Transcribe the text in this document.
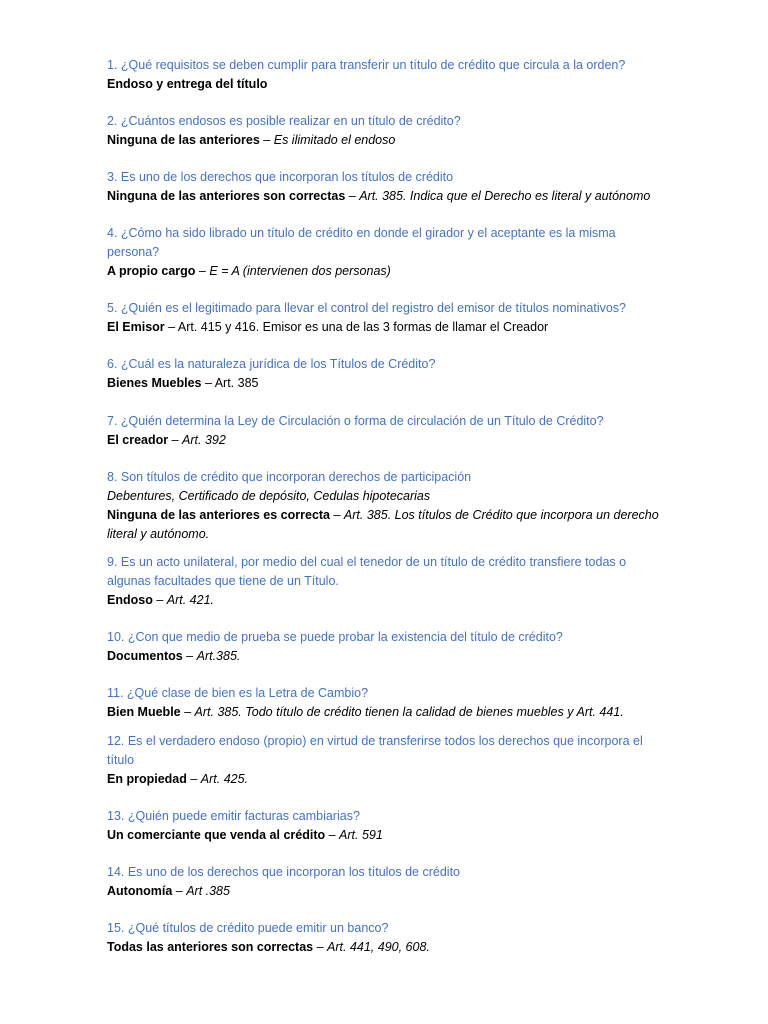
1. ¿Qué requisitos se deben cumplir para transferir un título de crédito que circula a la orden?

Endoso y entrega del título

2. ¿Cuántos endosos es posible realizar en un título de crédito?

Ninguna de las anteriores – Es ilimitado el endoso

3. Es uno de los derechos que incorporan los títulos de crédito

Ninguna de las anteriores son correctas – Art. 385. Indica que el Derecho es literal y autónomo

4. ¿Cómo ha sido librado un título de crédito en donde el girador y el aceptante es la misma persona?

A propio cargo – E = A (intervienen dos personas)

5. ¿Quién es el legitimado para llevar el control del registro del emisor de títulos nominativos?

El Emisor – Art. 415 y 416. Emisor es una de las 3 formas de llamar el Creador

6. ¿Cuál es la naturaleza jurídica de los Títulos de Crédito?

Bienes Muebles – Art. 385

7. ¿Quién determina la Ley de Circulación o forma de circulación de un Título de Crédito?

El creador – Art. 392

8. Son títulos de crédito que incorporan derechos de participación

Debentures, Certificado de depósito, Cedulas hipotecarias

Ninguna de las anteriores es correcta – Art. 385. Los títulos de Crédito que incorpora un derecho literal y autónomo.

9. Es un acto unilateral, por medio del cual el tenedor de un título de crédito transfiere todas o algunas facultades que tiene de un Título.

Endoso – Art. 421.

10. ¿Con que medio de prueba se puede probar la existencia del título de crédito?

Documentos – Art.385.

11. ¿Qué clase de bien es la Letra de Cambio?

Bien Mueble – Art. 385. Todo título de crédito tienen la calidad de bienes muebles y Art. 441.

12. Es el verdadero endoso (propio) en virtud de transferirse todos los derechos que incorpora el título

En propiedad – Art. 425.

13. ¿Quién puede emitir facturas cambiarias?

Un comerciante que venda al crédito – Art. 591

14. Es uno de los derechos que incorporan los títulos de crédito

Autonomía – Art .385

15. ¿Qué títulos de crédito puede emitir un banco?

Todas las anteriores son correctas – Art. 441, 490, 608.
